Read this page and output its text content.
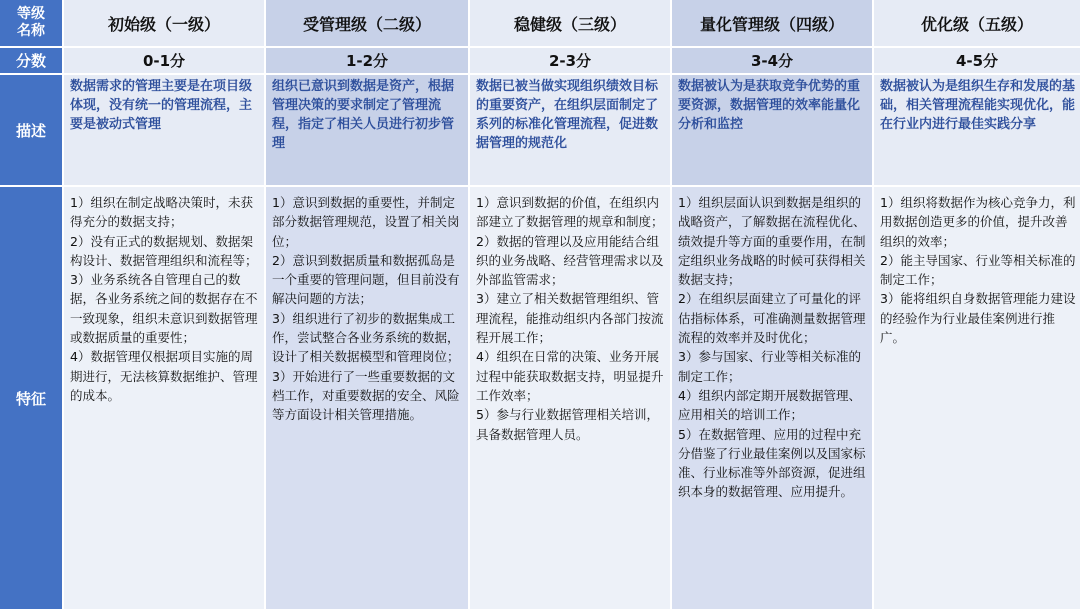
等级
名称
分数
描述
特征
初始级（一级）
0-1分
数据需求的管理主要是在项目级体现，没有统一的管理流程，主要是被动式管理
1）组织在制定战略决策时，未获得充分的数据支持；
2）没有正式的数据规划、数据架构设计、数据管理组织和流程等；
3）业务系统各自管理自己的数据，各业务系统之间的数据存在不一致现象，组织未意识到数据管理或数据质量的重要性；
4）数据管理仅根据项目实施的周期进行，无法核算数据维护、管理的成本。
受管理级（二级）
1-2分
组织已意识到数据是资产，根据管理决策的要求制定了管理流程，指定了相关人员进行初步管理
1）意识到数据的重要性，并制定部分数据管理规范，设置了相关岗位；
2）意识到数据质量和数据孤岛是一个重要的管理问题，但目前没有解决问题的方法；
3）组织进行了初步的数据集成工作，尝试整合各业务系统的数据，设计了相关数据模型和管理岗位；
3）开始进行了一些重要数据的文档工作，对重要数据的安全、风险等方面设计相关管理措施。
稳健级（三级）
2-3分
数据已被当做实现组织绩效目标的重要资产，在组织层面制定了系列的标准化管理流程，促进数据管理的规范化
1）意识到数据的价值，在组织内部建立了数据管理的规章和制度；
2）数据的管理以及应用能结合组织的业务战略、经营管理需求以及外部监管需求；
3）建立了相关数据管理组织、管理流程，能推动组织内各部门按流程开展工作；
4）组织在日常的决策、业务开展过程中能获取数据支持，明显提升工作效率；
5）参与行业数据管理相关培训，具备数据管理人员。
量化管理级（四级）
3-4分
数据被认为是获取竞争优势的重要资源，数据管理的效率能量化分析和监控
1）组织层面认识到数据是组织的战略资产，了解数据在流程优化、绩效提升等方面的重要作用，在制定组织业务战略的时候可获得相关数据支持；
2）在组织层面建立了可量化的评估指标体系，可准确测量数据管理流程的效率并及时优化；
3）参与国家、行业等相关标准的制定工作；
4）组织内部定期开展数据管理、应用相关的培训工作；
5）在数据管理、应用的过程中充分借鉴了行业最佳案例以及国家标准、行业标准等外部资源，促进组织本身的数据管理、应用提升。
优化级（五级）
4-5分
数据被认为是组织生存和发展的基础，相关管理流程能实现优化，能在行业内进行最佳实践分享
1）组织将数据作为核心竞争力，利用数据创造更多的价值，提升改善组织的效率；
2）能主导国家、行业等相关标准的制定工作；
3）能将组织自身数据管理能力建设的经验作为行业最佳案例进行推广。
